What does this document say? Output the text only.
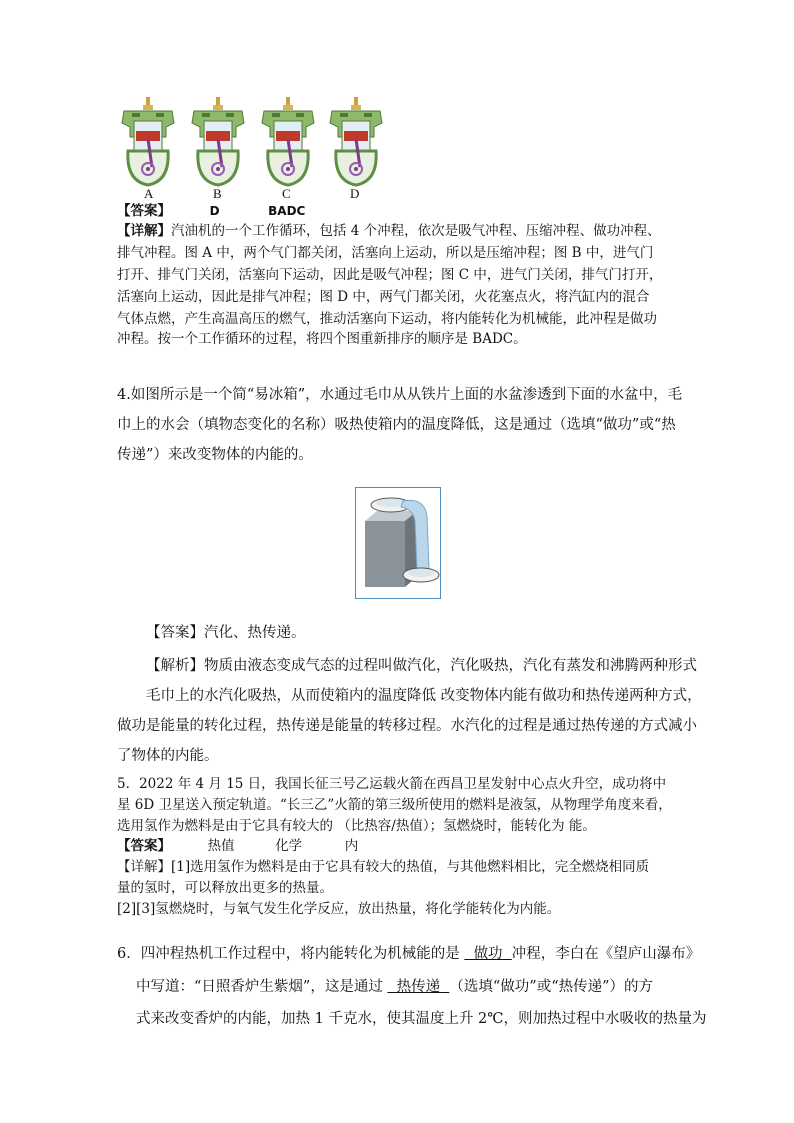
A	B	C	D
【答案】	D	BADC
【详解】汽油机的一个工作循环，包括 4 个冲程，依次是吸气冲程、压缩冲程、做功冲程、
排气冲程。图 A 中，两个气门都关闭，活塞向上运动，所以是压缩冲程；图 B 中，进气门
打开、排气门关闭，活塞向下运动，因此是吸气冲程；图 C 中，进气门关闭，排气门打开，
活塞向上运动，因此是排气冲程；图 D 中，两气门都关闭，火花塞点火，将汽缸内的混合
气体点燃，产生高温高压的燃气，推动活塞向下运动，将内能转化为机械能，此冲程是做功
冲程。按一个工作循环的过程，将四个图重新排序的顺序是 BADC。
4.如图所示是一个简“易冰箱”，水通过毛巾从从铁片上面的水盆渗透到下面的水盆中，毛
巾上的水会（填物态变化的名称）吸热使箱内的温度降低，这是通过（选填“做功”或“热
传递”）来改变物体的内能的。
【答案】汽化、热传递。
【解析】物质由液态变成气态的过程叫做汽化，汽化吸热，汽化有蒸发和沸腾两种形式
毛巾上的水汽化吸热，从而使箱内的温度降低 改变物体内能有做功和热传递两种方式，
做功是能量的转化过程，热传递是能量的转移过程。水汽化的过程是通过热传递的方式减小
了物体的内能。
5．2022 年 4 月 15 日，我国长征三号乙运载火箭在西昌卫星发射中心点火升空，成功将中
星 6D 卫星送入预定轨道。“长三乙”火箭的第三级所使用的燃料是液氢，从物理学角度来看，
选用氢作为燃料是由于它具有较大的 （比热容/热值）；氢燃烧时，能转化为 能。
【答案】	热值	化学	内
【详解】[1]选用氢作为燃料是由于它具有较大的热值，与其他燃料相比，完全燃烧相同质
量的氢时，可以释放出更多的热量。
[2][3]氢燃烧时，与氧气发生化学反应，放出热量，将化学能转化为内能。
6．四冲程热机工作过程中，将内能转化为机械能的是 做功 冲程，李白在《望庐山瀑布》
中写道：“日照香炉生紫烟”，这是通过 热传递 （选填“做功”或“热传递”）的方
式来改变香炉的内能，加热 1 千克水，使其温度上升 2℃，则加热过程中水吸收的热量为
